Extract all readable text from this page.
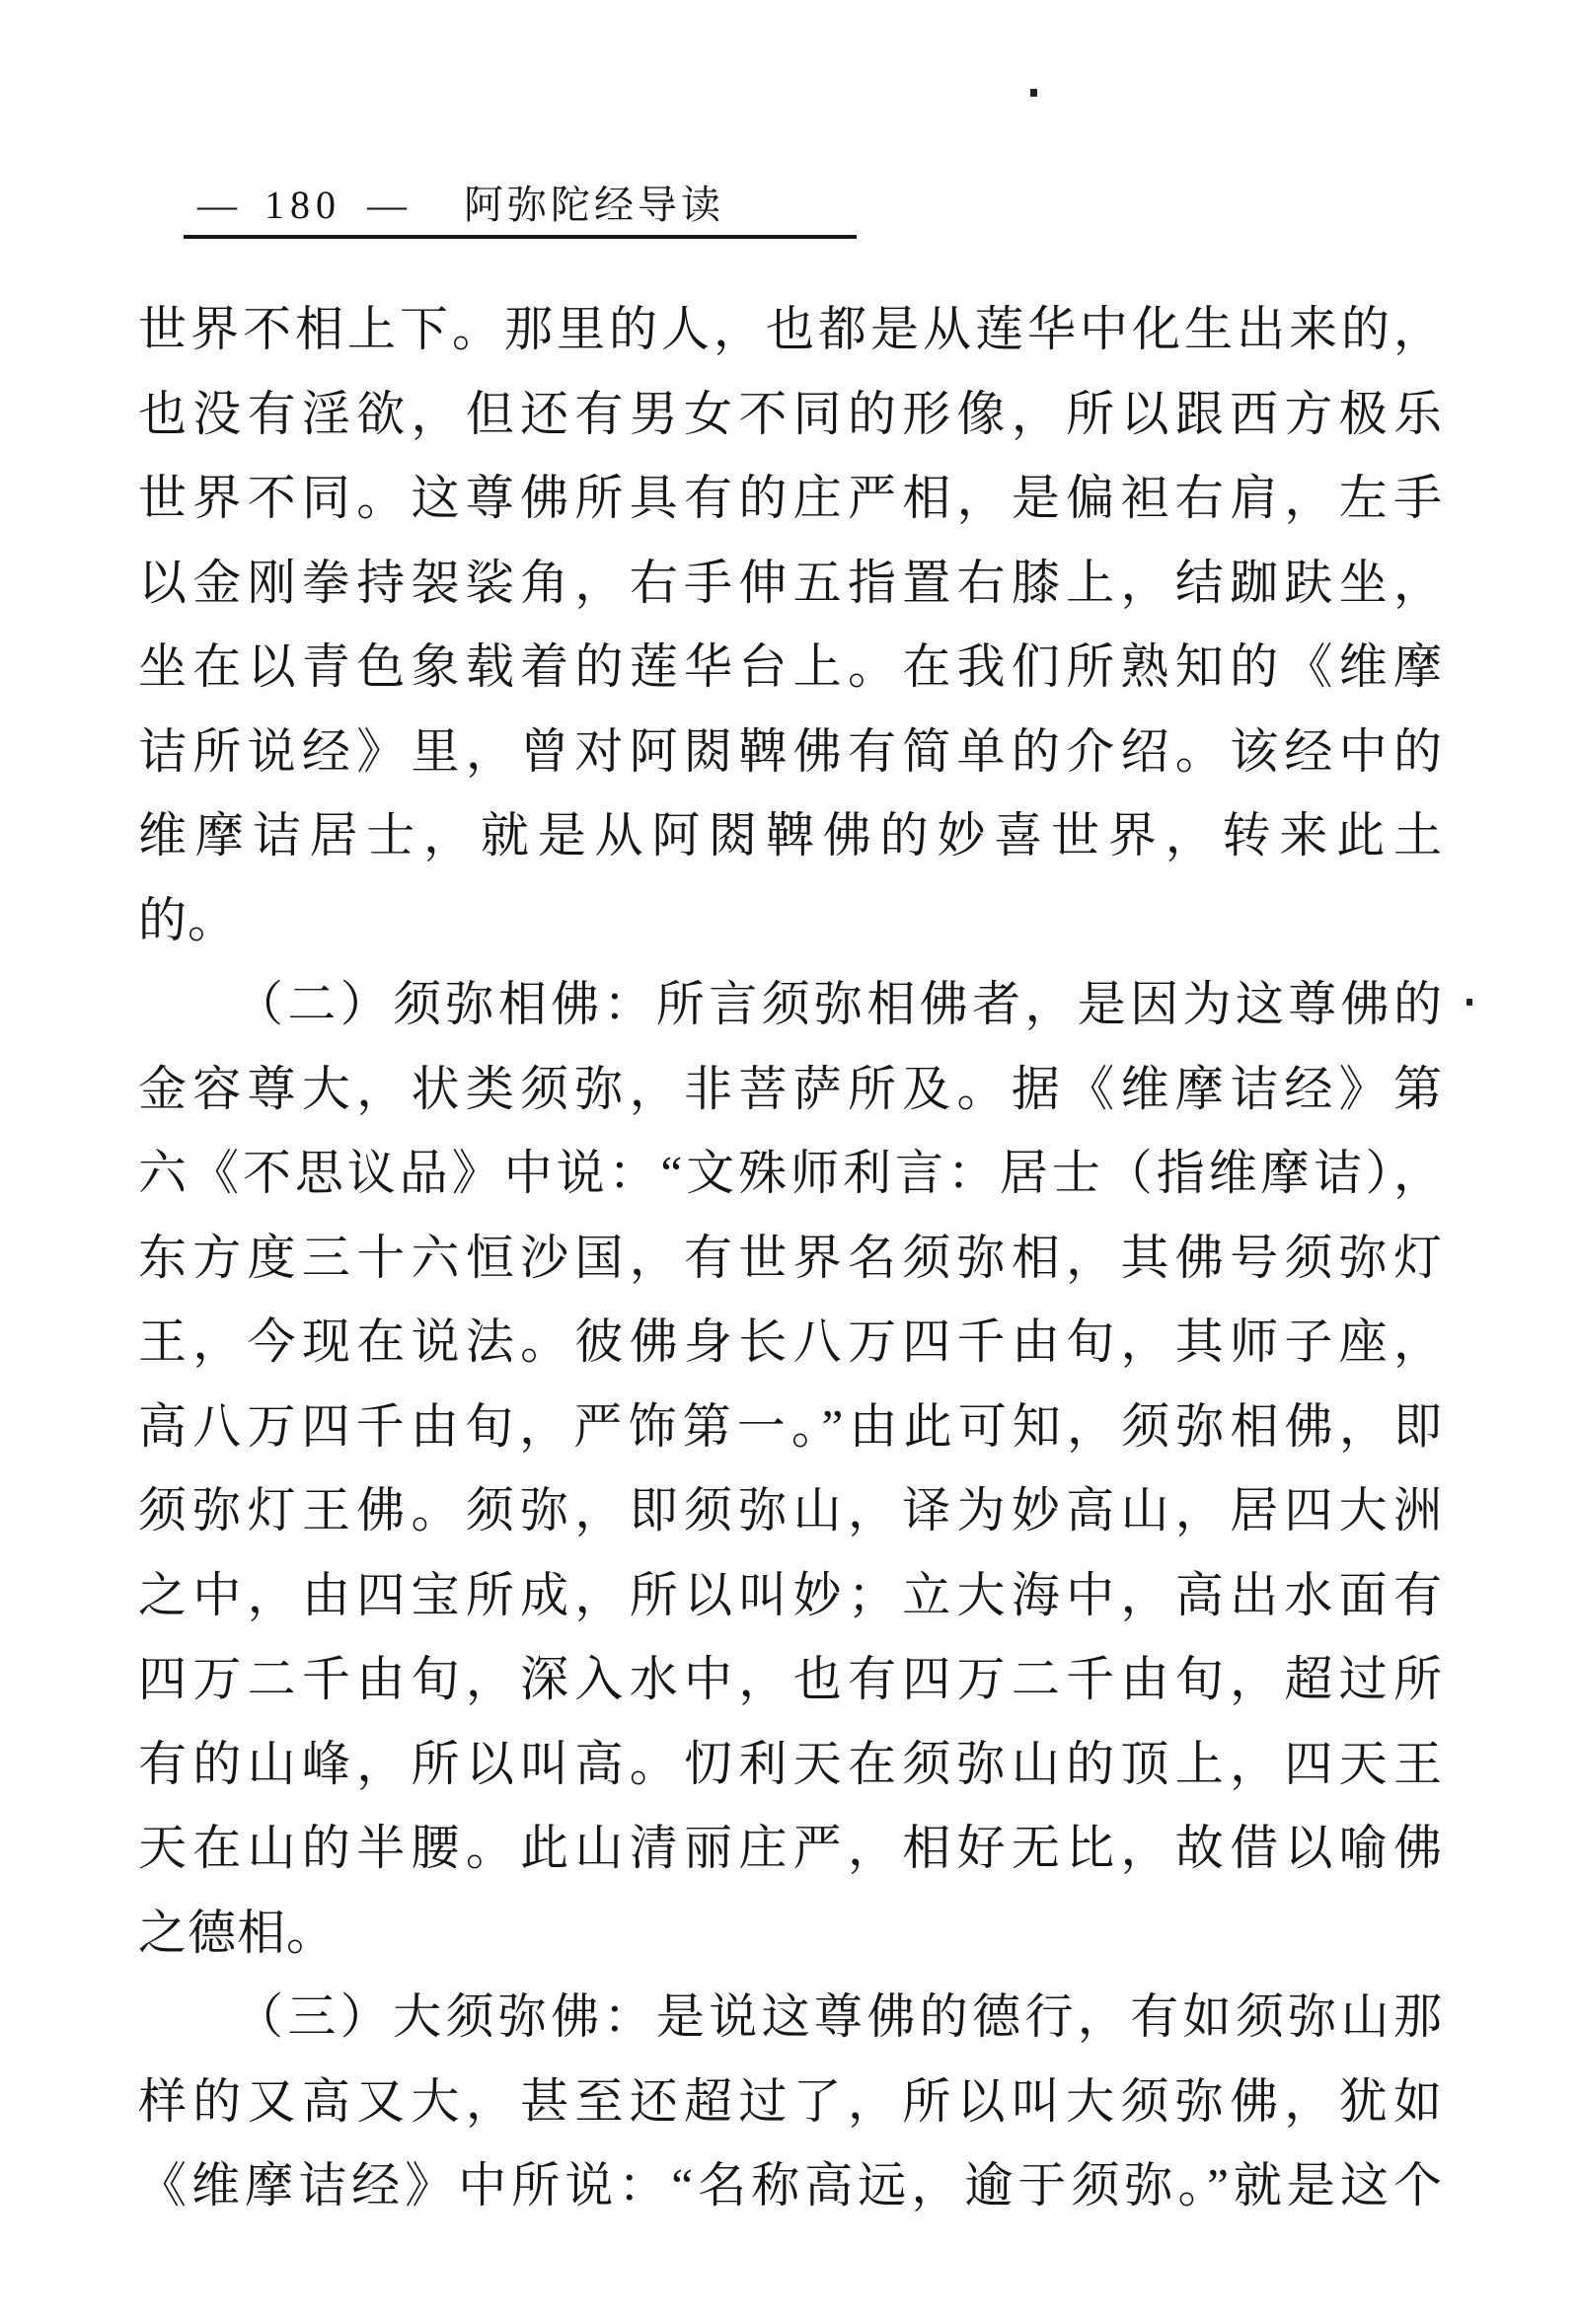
— 180 — 阿弥陀经导读
世界不相上下。那里的人，也都是从莲华中化生出来的，
也没有淫欲，但还有男女不同的形像，所以跟西方极乐
世界不同。这尊佛所具有的庄严相，是偏袒右肩，左手
以金刚拳持袈裟角，右手伸五指置右膝上，结跏趺坐，
坐在以青色象载着的莲华台上。在我们所熟知的《维摩
诘所说经》里，曾对阿閦鞞佛有简单的介绍。该经中的
维摩诘居士，就是从阿閦鞞佛的妙喜世界，转来此土
的。
（二）须弥相佛：所言须弥相佛者，是因为这尊佛的
金容尊大，状类须弥，非菩萨所及。据《维摩诘经》第
六《不思议品》中说：“文殊师利言：居士（指维摩诘），
东方度三十六恒沙国，有世界名须弥相，其佛号须弥灯
王，今现在说法。彼佛身长八万四千由旬，其师子座，
高八万四千由旬，严饰第一。”由此可知，须弥相佛，即
须弥灯王佛。须弥，即须弥山，译为妙高山，居四大洲
之中，由四宝所成，所以叫妙；立大海中，高出水面有
四万二千由旬，深入水中，也有四万二千由旬，超过所
有的山峰，所以叫高。忉利天在须弥山的顶上，四天王
天在山的半腰。此山清丽庄严，相好无比，故借以喻佛
之德相。
（三）大须弥佛：是说这尊佛的德行，有如须弥山那
样的又高又大，甚至还超过了，所以叫大须弥佛，犹如
《维摩诘经》中所说：“名称高远，逾于须弥。”就是这个
